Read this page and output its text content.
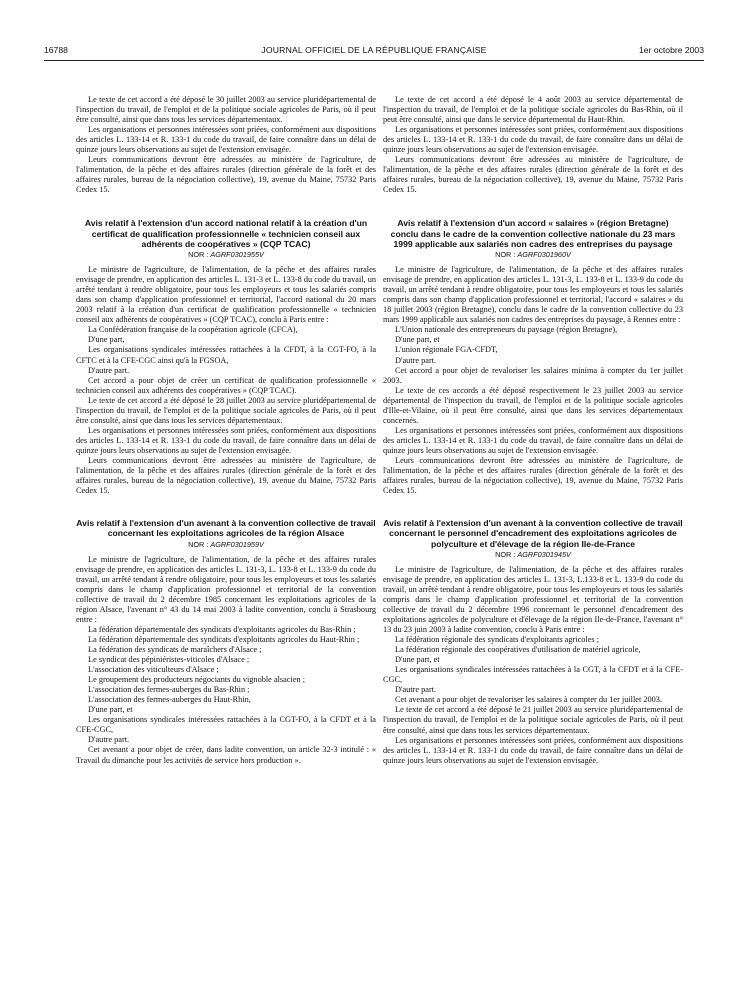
16788	JOURNAL OFFICIEL DE LA RÉPUBLIQUE FRANÇAISE	1er octobre 2003

Le texte de cet accord a été déposé le 30 juillet 2003 au service pluridépartemental de l'inspection du travail, de l'emploi et de la politique sociale agricoles de Paris, où il peut être consulté, ainsi que dans tous les services départementaux.

Les organisations et personnes intéressées sont priées, conformément aux dispositions des articles L. 133-14 et R. 133-1 du code du travail, de faire connaître dans un délai de quinze jours leurs observations au sujet de l'extension envisagée.

Leurs communications devront être adressées au ministère de l'agriculture, de l'alimentation, de la pêche et des affaires rurales (direction générale de la forêt et des affaires rurales, bureau de la négociation collective), 19, avenue du Maine, 75732 Paris Cedex 15.

Avis relatif à l'extension d'un accord national relatif à la création d'un certificat de qualification professionnelle « technicien conseil aux adhérents de coopératives » (CQP TCAC)
NOR : AGRF0301955V

Le ministre de l'agriculture, de l'alimentation, de la pêche et des affaires rurales envisage de prendre, en application des articles L. 131-3 et L. 133-8 du code du travail, un arrêté tendant à rendre obligatoire, pour tous les employeurs et tous les salariés compris dans son champ d'application professionnel et territorial, l'accord national du 20 mars 2003 relatif à la création d'un certificat de qualification professionnelle « technicien conseil aux adhérents de coopératives » (CQP TCAC), conclu à Paris entre :

La Confédération française de la coopération agricole (CFCA),

D'une part,

Les organisations syndicales intéressées rattachées à la CFDT, à la CGT-FO, à la CFTC et à la CFE-CGC ainsi qu'à la FGSOA,

D'autre part.

Cet accord a pour objet de créer un certificat de qualification professionnelle « technicien conseil aux adhérents des coopératives » (CQP TCAC).

Le texte de cet accord a été déposé le 28 juillet 2003 au service pluridépartemental de l'inspection du travail, de l'emploi et de la politique sociale agricoles de Paris, où il peut être consulté, ainsi que dans tous les services départementaux.

Les organisations et personnes intéressées sont priées, conformément aux dispositions des articles L. 133-14 et R. 133-1 du code du travail, de faire connaître dans un délai de quinze jours leurs observations au sujet de l'extension envisagée.

Leurs communications devront être adressées au ministère de l'agriculture, de l'alimentation, de la pêche et des affaires rurales (direction générale de la forêt et des affaires rurales, bureau de la négociation collective), 19, avenue du Maine, 75732 Paris Cedex 15.

Avis relatif à l'extension d'un avenant à la convention collective de travail concernant les exploitations agricoles de la région Alsace
NOR : AGRF0301959V

Le ministre de l'agriculture, de l'alimentation, de la pêche et des affaires rurales envisage de prendre, en application des articles L. 131-3, L. 133-8 et L. 133-9 du code du travail, un arrêté tendant à rendre obligatoire, pour tous les employeurs et tous les salariés compris dans le champ d'application professionnel et territorial de la convention collective de travail du 2 décembre 1985 concernant les exploitations agricoles de la région Alsace, l'avenant n° 43 du 14 mai 2003 à ladite convention, conclu à Strasbourg entre :

La fédération départementale des syndicats d'exploitants agricoles du Bas-Rhin ;

La fédération départementale des syndicats d'exploitants agricoles du Haut-Rhin ;

La fédération des syndicats de maraîchers d'Alsace ;

Le syndicat des pépiniéristes-viticoles d'Alsace ;

L'association des viticulteurs d'Alsace ;

Le groupement des producteurs négociants du vignoble alsacien ;

L'association des fermes-auberges du Bas-Rhin ;

L'association des fermes-auberges du Haut-Rhin,

D'une part, et

Les organisations syndicales intéressées rattachées à la CGT-FO, à la CFDT et à la CFE-CGC,

D'autre part.

Cet avenant a pour objet de créer, dans ladite convention, un article 32-3 intitulé : « Travail du dimanche pour les activités de service hors production ».

Le texte de cet accord a été déposé le 4 août 2003 au service départemental de l'inspection du travail, de l'emploi et de la politique sociale agricoles du Bas-Rhin, où il peut être consulté, ainsi que dans le service départemental du Haut-Rhin.

Les organisations et personnes intéressées sont priées, conformément aux dispositions des articles L. 133-14 et R. 133-1 du code du travail, de faire connaître dans un délai de quinze jours leurs observations au sujet de l'extension envisagée.

Leurs communications devront être adressées au ministère de l'agriculture, de l'alimentation, de la pêche et des affaires rurales (direction générale de la forêt et des affaires rurales, bureau de la négociation collective), 19, avenue du Maine, 75732 Paris Cedex 15.

Avis relatif à l'extension d'un accord « salaires » (région Bretagne) conclu dans le cadre de la convention collective nationale du 23 mars 1999 applicable aux salariés non cadres des entreprises du paysage
NOR : AGRF0301960V

Le ministre de l'agriculture, de l'alimentation, de la pêche et des affaires rurales envisage de prendre, en application des articles L. 131-3, L. 133-8 et L. 133-9 du code du travail, un arrêté tendant à rendre obligatoire, pour tous les employeurs et tous les salariés compris dans son champ d'application professionnel et territorial, l'accord « salaires » du 18 juillet 2003 (région Bretagne), conclu dans le cadre de la convention collective du 23 mars 1999 applicable aux salariés non cadres des entreprises du paysage, à Rennes entre :

L'Union nationale des entrepreneurs du paysage (région Bretagne),

D'une part, et

L'union régionale FGA-CFDT,

D'autre part.

Cet accord a pour objet de revaloriser les salaires minima à compter du 1er juillet 2003.

Le texte de ces accords a été déposé respectivement le 23 juillet 2003 au service départemental de l'inspection du travail, de l'emploi et de la politique sociale agricoles d'Ille-et-Vilaine, où il peut être consulté, ainsi que dans les services départementaux concernés.

Les organisations et personnes intéressées sont priées, conformément aux dispositions des articles L. 133-14 et R. 133-1 du code du travail, de faire connaître dans un délai de quinze jours leurs observations au sujet de l'extension envisagée.

Leurs communications devront être adressées au ministère de l'agriculture, de l'alimentation, de la pêche et des affaires rurales (direction générale de la forêt et des affaires rurales, bureau de la négociation collective), 19, avenue du Maine, 75732 Paris Cedex 15.

Avis relatif à l'extension d'un avenant à la convention collective de travail concernant le personnel d'encadrement des exploitations agricoles de polyculture et d'élevage de la région Ile-de-France
NOR : AGRF0301945V

Le ministre de l'agriculture, de l'alimentation, de la pêche et des affaires rurales envisage de prendre, en application des articles L. 131-3, L.133-8 et L. 133-9 du code du travail, un arrêté tendant à rendre obligatoire, pour tous les employeurs et tous les salariés compris dans le champ d'application professionnel et territorial de la convention collective de travail du 2 décembre 1996 concernant le personnel d'encadrement des exploitations agricoles de polyculture et d'élevage de la région Ile-de-France, l'avenant n° 13 du 23 juin 2003 à ladite convention, conclu à Paris entre :

La fédération régionale des syndicats d'exploitants agricoles ;

La fédération régionale des coopératives d'utilisation de matériel agricole,

D'une part, et

Les organisations syndicales intéressées rattachées à la CGT, à la CFDT et à la CFE-CGC,

D'autre part.

Cet avenant a pour objet de revaloriser les salaires à compter du 1er juillet 2003.

Le texte de cet accord a été déposé le 21 juillet 2003 au service pluridépartemental de l'inspection du travail, de l'emploi et de la politique sociale agricoles de Paris, où il peut être consulté, ainsi que dans tous les services départementaux.

Les organisations et personnes intéressées sont priées, conformément aux dispositions des articles L. 133-14 et R. 133-1 du code du travail, de faire connaître dans un délai de quinze jours leurs observations au sujet de l'extension envisagée.
